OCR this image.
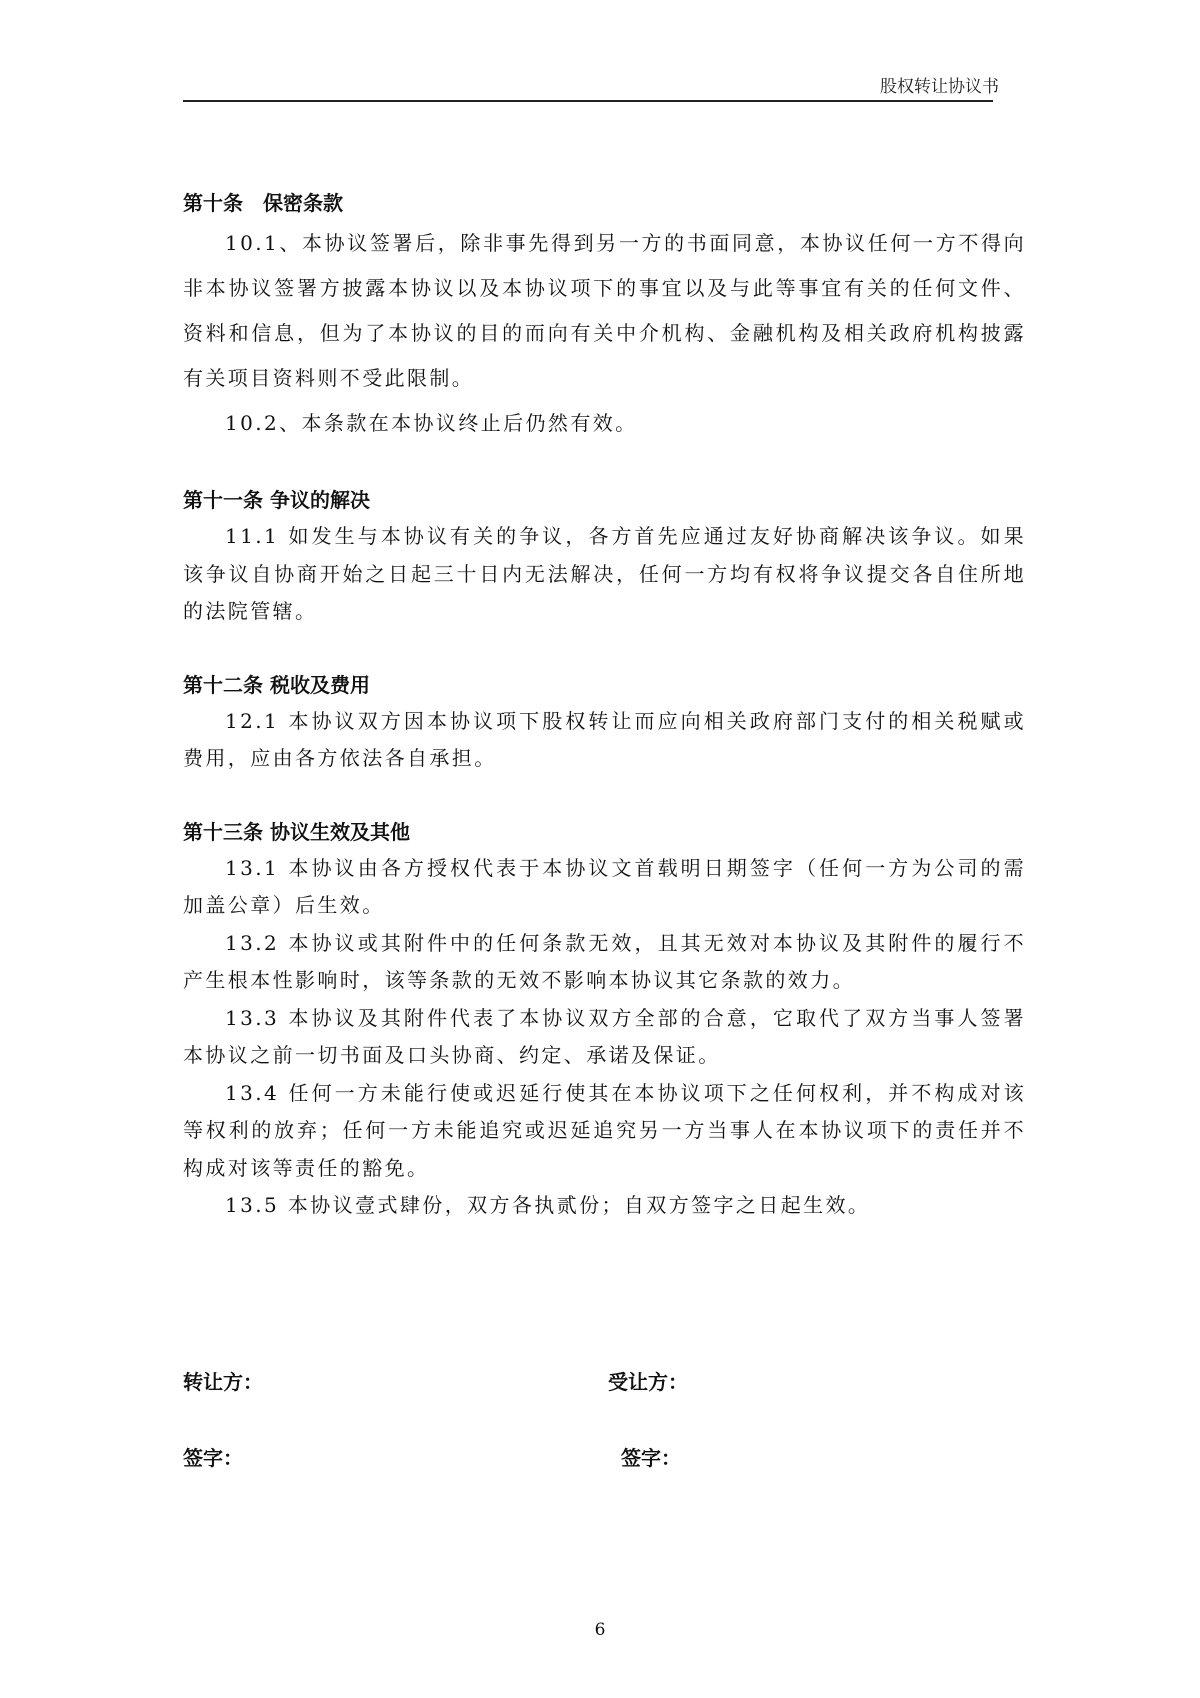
股权转让协议书

第十条　保密条款

10.1、本协议签署后，除非事先得到另一方的书面同意，本协议任何一方不得向非本协议签署方披露本协议以及本协议项下的事宜以及与此等事宜有关的任何文件、资料和信息，但为了本协议的目的而向有关中介机构、金融机构及相关政府机构披露有关项目资料则不受此限制。

10.2、本条款在本协议终止后仍然有效。

第十一条 争议的解决

11.1 如发生与本协议有关的争议，各方首先应通过友好协商解决该争议。如果该争议自协商开始之日起三十日内无法解决，任何一方均有权将争议提交各自住所地的法院管辖。

第十二条 税收及费用

12.1 本协议双方因本协议项下股权转让而应向相关政府部门支付的相关税赋或费用，应由各方依法各自承担。

第十三条 协议生效及其他

13.1 本协议由各方授权代表于本协议文首载明日期签字（任何一方为公司的需加盖公章）后生效。

13.2 本协议或其附件中的任何条款无效，且其无效对本协议及其附件的履行不产生根本性影响时，该等条款的无效不影响本协议其它条款的效力。

13.3 本协议及其附件代表了本协议双方全部的合意，它取代了双方当事人签署本协议之前一切书面及口头协商、约定、承诺及保证。

13.4 任何一方未能行使或迟延行使其在本协议项下之任何权利，并不构成对该等权利的放弃；任何一方未能追究或迟延追究另一方当事人在本协议项下的责任并不构成对该等责任的豁免。

13.5 本协议壹式肆份，双方各执贰份；自双方签字之日起生效。

转让方：	受让方：
签字：	签字：
6
